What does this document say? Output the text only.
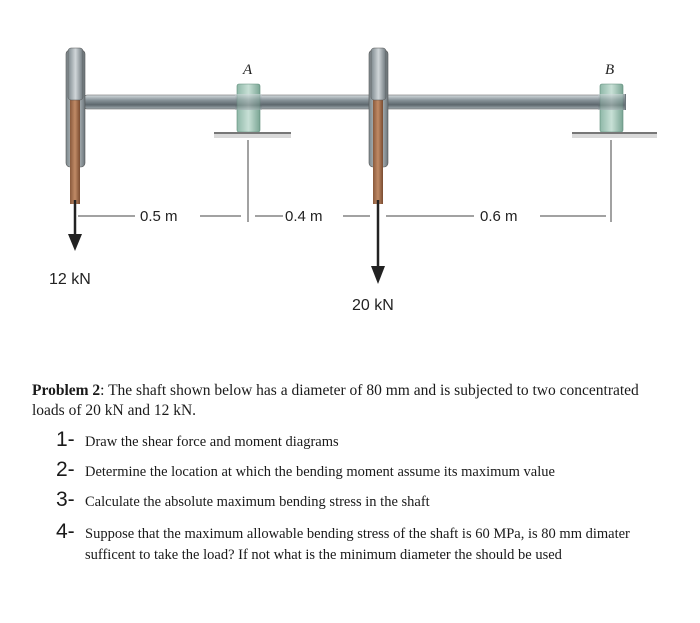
A	B
0.5 m	0.4 m	0.6 m
12 kN
20 kN
Problem 2: The shaft shown below has a diameter of 80 mm and is subjected to two concentrated loads of 20 kN and 12 kN.
1- Draw the shear force and moment diagrams
2- Determine the location at which the bending moment assume its maximum value
3- Calculate the absolute maximum bending stress in the shaft
4- Suppose that the maximum allowable bending stress of the shaft is 60 MPa, is 80 mm dimater sufficent to take the load? If not what is the minimum diameter the should be used
